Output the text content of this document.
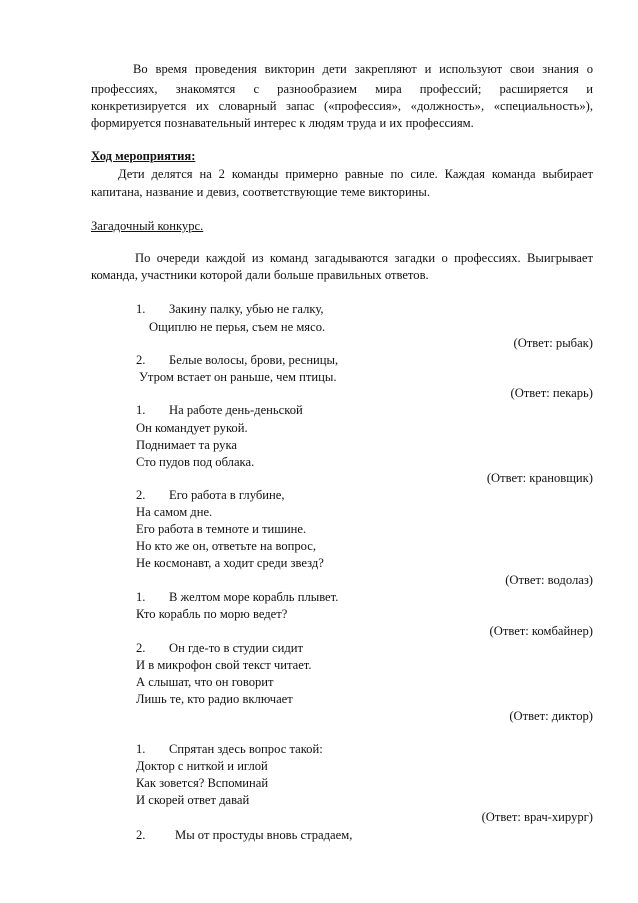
Во время проведения викторин дети закрепляют и используют свои знания о
профессиях, знакомятся с разнообразием мира профессий; расширяется и
конкретизируется их словарный запас («профессия», «должность», «специальность»),
формируется познавательный интерес к людям труда и их профессиям.
Ход мероприятия:
Дети делятся на 2 команды примерно равные по силе. Каждая команда выбирает
капитана, название и девиз, соответствующие теме викторины.
Загадочный конкурс.
По очереди каждой из команд загадываются загадки о профессиях. Выигрывает
команда, участники которой дали больше правильных ответов.
1. Закину палку, убью не галку,
Ощиплю не перья, съем не мясо.
(Ответ: рыбак)
2. Белые волосы, брови, ресницы,
Утром встает он раньше, чем птицы.
(Ответ: пекарь)
1. На работе день-деньской
Он командует рукой.
Поднимает та рука
Сто пудов под облака.
(Ответ: крановщик)
2. Его работа в глубине,
На самом дне.
Его работа в темноте и тишине.
Но кто же он, ответьте на вопрос,
Не космонавт, а ходит среди звезд?
(Ответ: водолаз)
1. В желтом море корабль плывет.
Кто корабль по морю ведет?
(Ответ: комбайнер)
2. Он где-то в студии сидит
И в микрофон свой текст читает.
А слышат, что он говорит
Лишь те, кто радио включает
(Ответ: диктор)
1. Спрятан здесь вопрос такой:
Доктор с ниткой и иглой
Как зовется? Вспоминай
И скорей ответ давай
(Ответ: врач-хирург)
2. Мы от простуды вновь страдаем,
